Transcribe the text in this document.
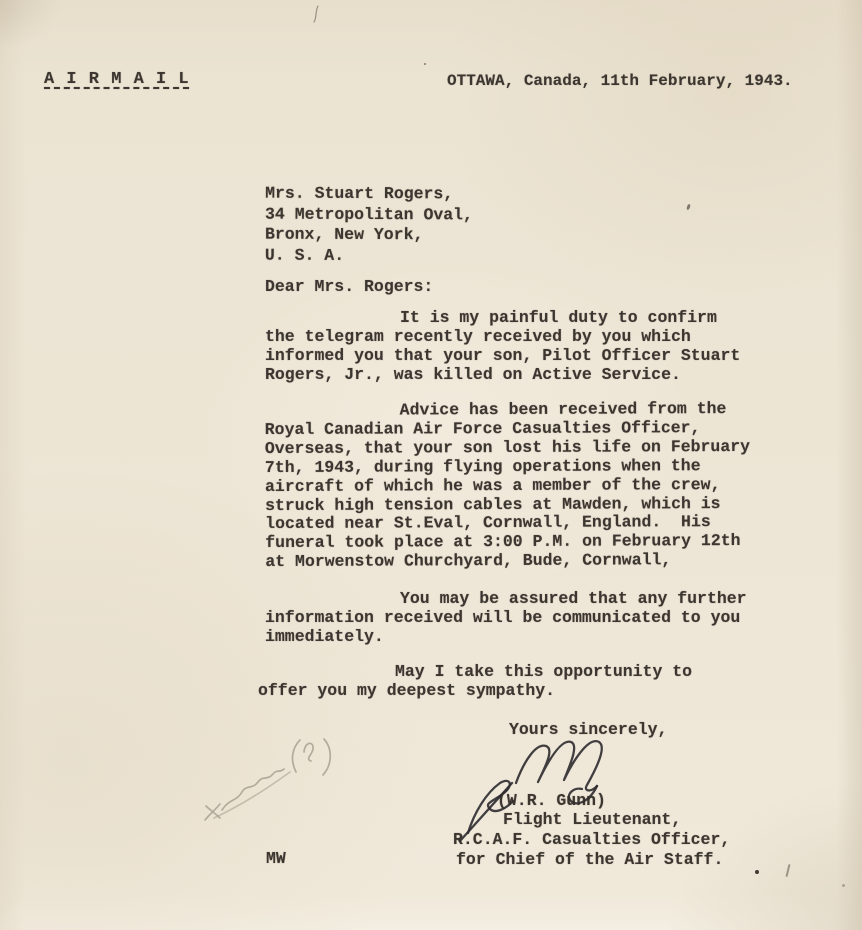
A I R M A I L	OTTAWA, Canada, 11th February, 1943.
Mrs. Stuart Rogers,
34 Metropolitan Oval,
Bronx, New York,
U. S. A.
Dear Mrs. Rogers:
It is my painful duty to confirm
the telegram recently received by you which
informed you that your son, Pilot Officer Stuart
Rogers, Jr., was killed on Active Service.
Advice has been received from the
Royal Canadian Air Force Casualties Officer,
Overseas, that your son lost his life on February
7th, 1943, during flying operations when the
aircraft of which he was a member of the crew,
struck high tension cables at Mawden, which is
located near St.Eval, Cornwall, England.  His
funeral took place at 3:00 P.M. on February 12th
at Morwenstow Churchyard, Bude, Cornwall,
You may be assured that any further
information received will be communicated to you
immediately.
May I take this opportunity to
offer you my deepest sympathy.
Yours sincerely,
(W.R. Gunn)
Flight Lieutenant,
R.C.A.F. Casualties Officer,
for Chief of the Air Staff.
MW
